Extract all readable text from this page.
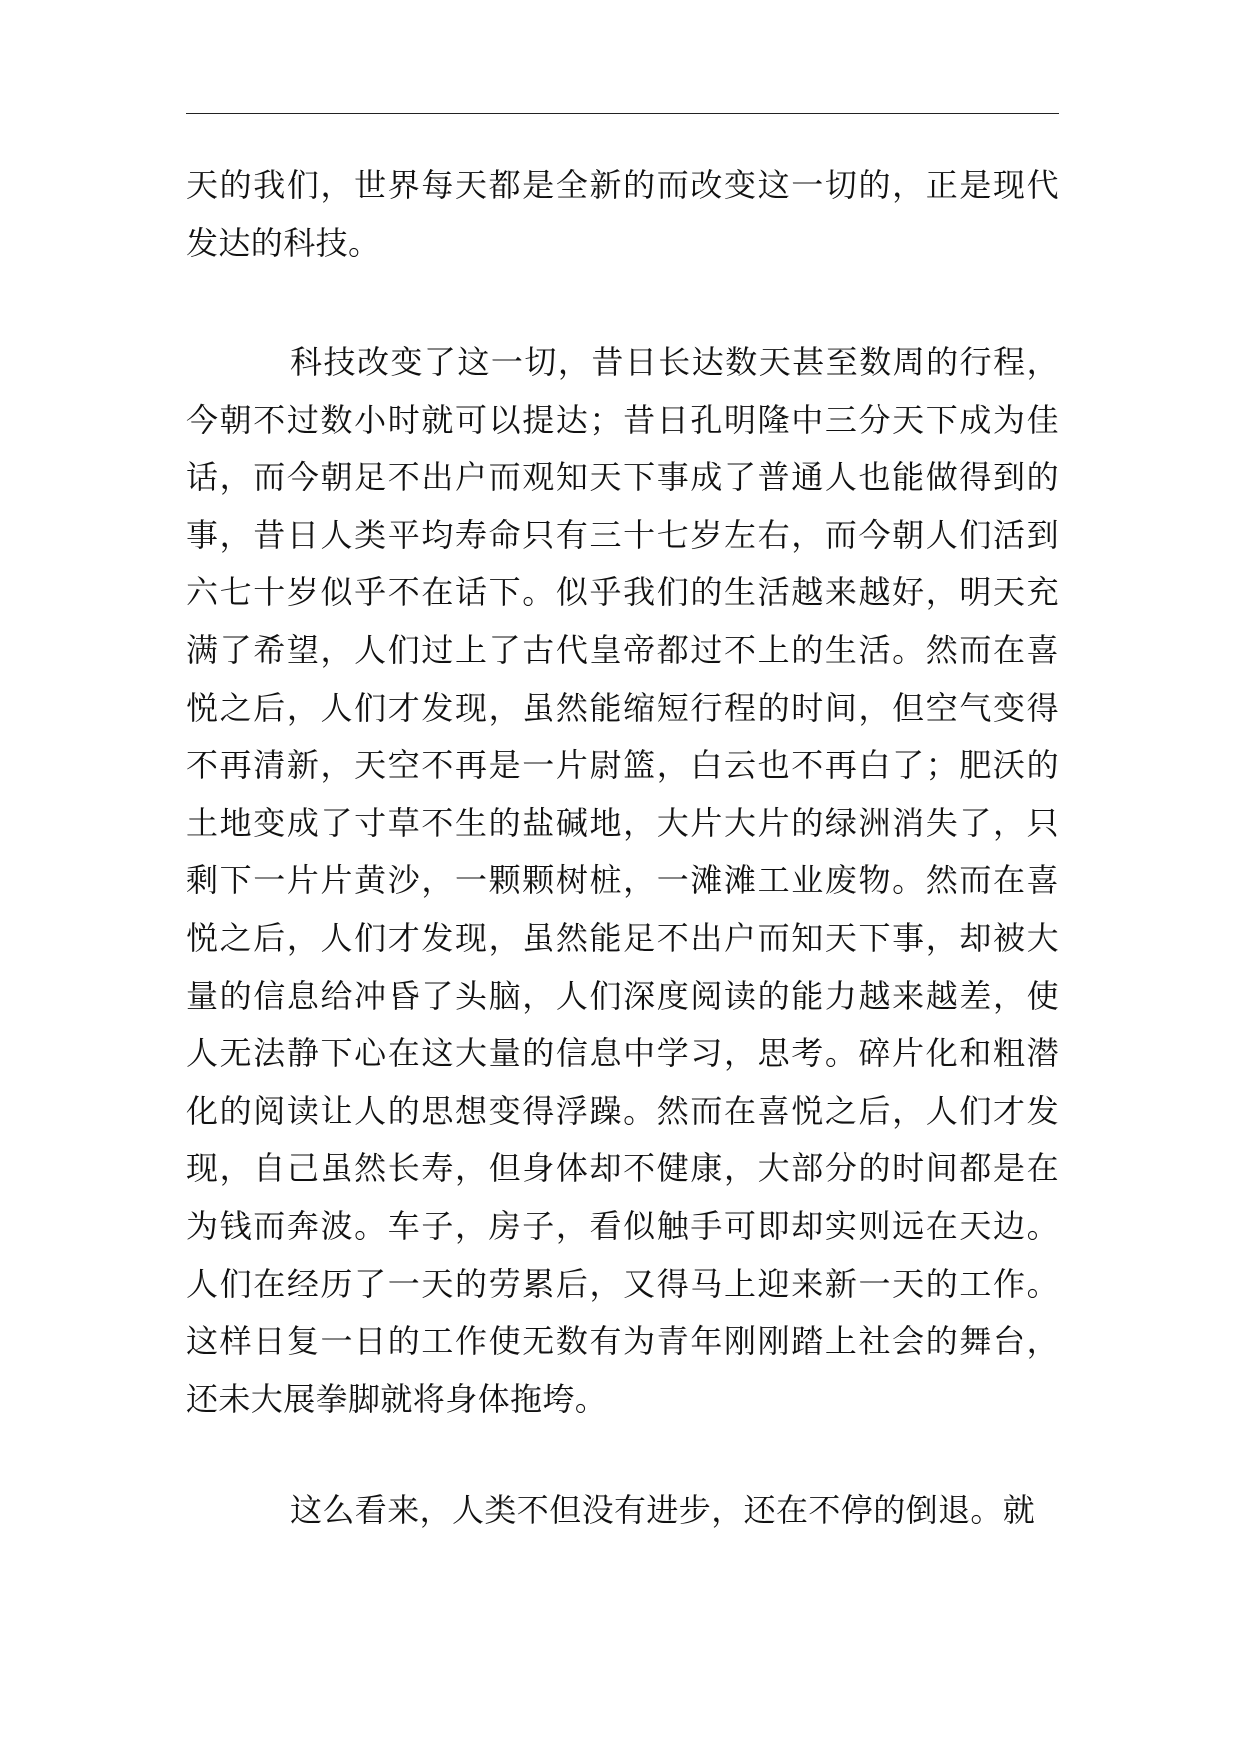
天的我们，世界每天都是全新的而改变这一切的，正是现代发达的科技。

科技改变了这一切，昔日长达数天甚至数周的行程，今朝不过数小时就可以提达；昔日孔明隆中三分天下成为佳话，而今朝足不出户而观知天下事成了普通人也能做得到的事，昔日人类平均寿命只有三十七岁左右，而今朝人们活到六七十岁似乎不在话下。似乎我们的生活越来越好，明天充满了希望，人们过上了古代皇帝都过不上的生活。然而在喜悦之后，人们才发现，虽然能缩短行程的时间，但空气变得不再清新，天空不再是一片尉篮，白云也不再白了；肥沃的土地变成了寸草不生的盐碱地，大片大片的绿洲消失了，只剩下一片片黄沙，一颗颗树桩，一滩滩工业废物。然而在喜悦之后，人们才发现，虽然能足不出户而知天下事，却被大量的信息给冲昏了头脑，人们深度阅读的能力越来越差，使人无法静下心在这大量的信息中学习，思考。碎片化和粗潜化的阅读让人的思想变得浮躁。然而在喜悦之后，人们才发现，自己虽然长寿，但身体却不健康，大部分的时间都是在为钱而奔波。车子，房子，看似触手可即却实则远在天边。人们在经历了一天的劳累后，又得马上迎来新一天的工作。这样日复一日的工作使无数有为青年刚刚踏上社会的舞台，还未大展拳脚就将身体拖垮。

这么看来，人类不但没有进步，还在不停的倒退。就
